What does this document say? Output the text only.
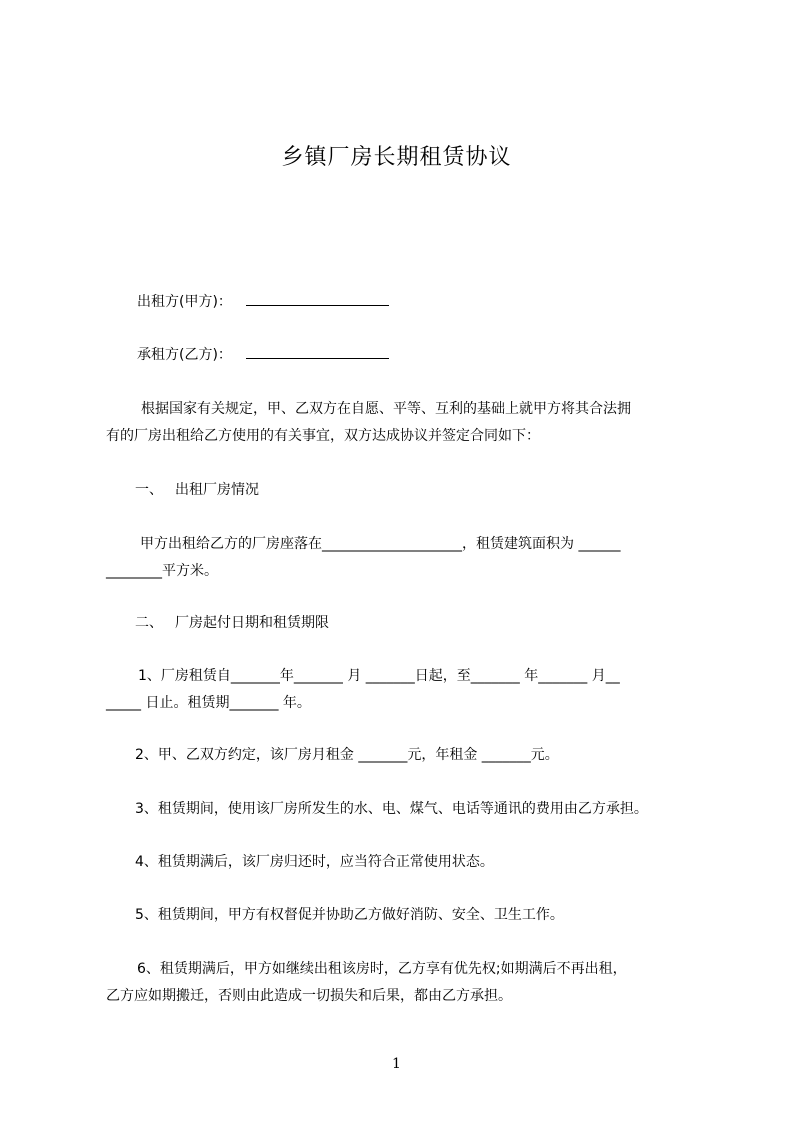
乡镇厂房长期租赁协议
出租方(甲方)：
承租方(乙方)：
根据国家有关规定，甲、乙双方在自愿、平等、互利的基础上就甲方将其合法拥
有的厂房出租给乙方使用的有关事宜，双方达成协议并签定合同如下：
一、 出租厂房情况
甲方出租给乙方的厂房座落在____________________，租赁建筑面积为 ______
________平方米。
二、 厂房起付日期和租赁期限
1、厂房租赁自_______年_______ 月 _______日起，至_______ 年_______ 月__
_____ 日止。租赁期_______ 年。
2、甲、乙双方约定，该厂房月租金 _______元，年租金 _______元。
3、租赁期间，使用该厂房所发生的水、电、煤气、电话等通讯的费用由乙方承担。
4、租赁期满后，该厂房归还时，应当符合正常使用状态。
5、租赁期间，甲方有权督促并协助乙方做好消防、安全、卫生工作。
6、租赁期满后，甲方如继续出租该房时，乙方享有优先权;如期满后不再出租，
乙方应如期搬迁，否则由此造成一切损失和后果，都由乙方承担。
1
